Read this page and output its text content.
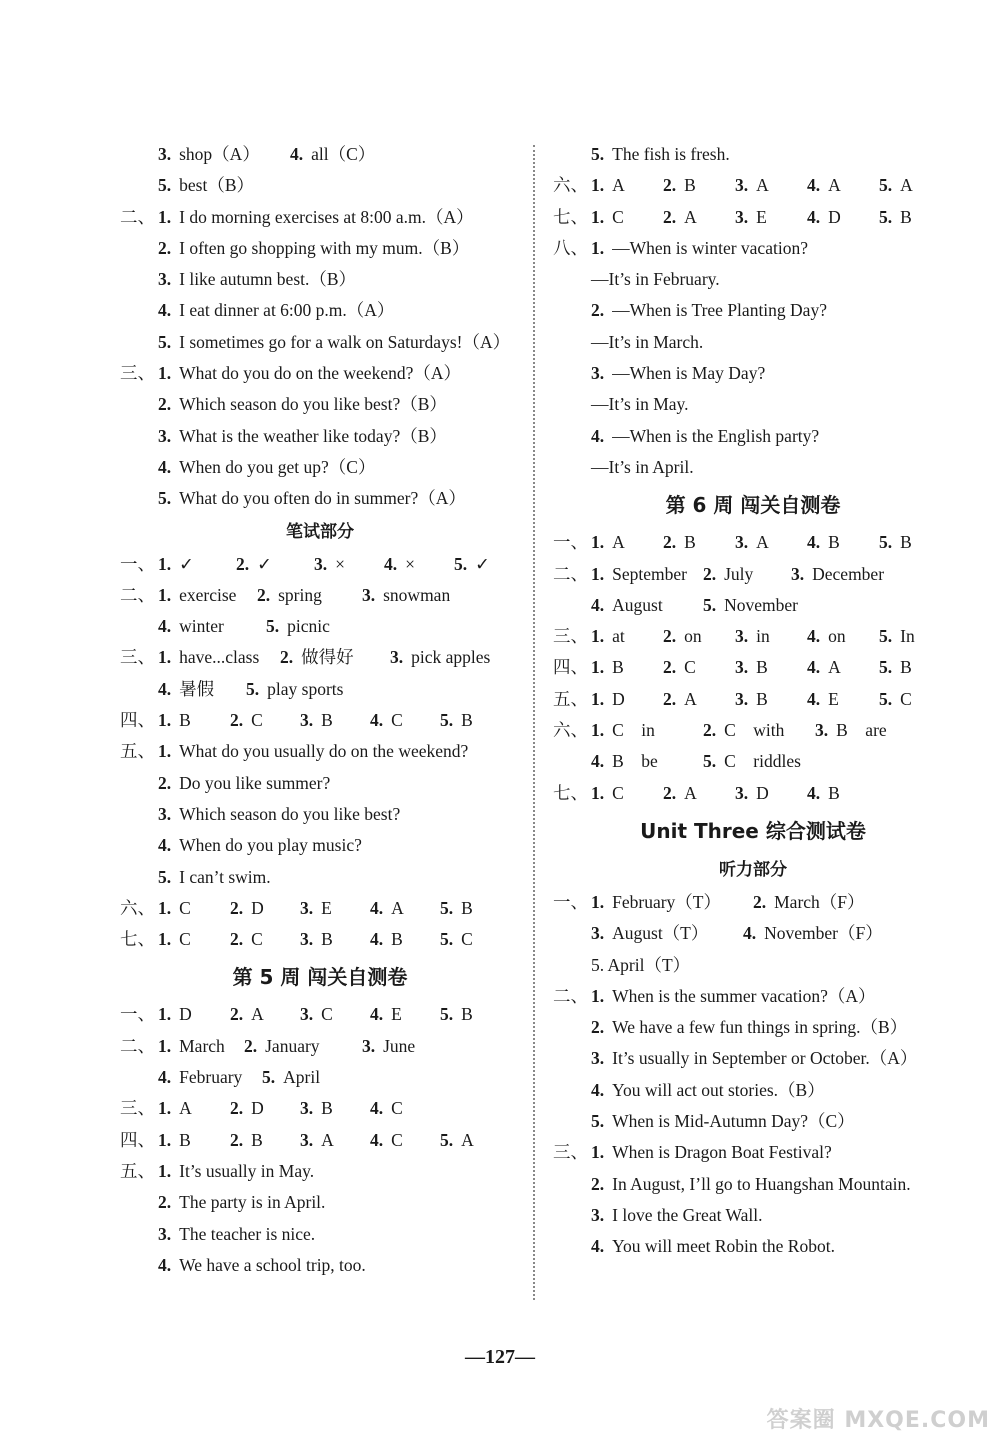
3. shop（A） 4. all（C）
5. best（B）
二、 1. I do morning exercises at 8:00 a.m.（A）
2. I often go shopping with my mum.（B）
3. I like autumn best.（B）
4. I eat dinner at 6:00 p.m.（A）
5. I sometimes go for a walk on Saturdays!（A）
三、 1. What do you do on the weekend?（A）
2. Which season do you like best?（B）
3. What is the weather like today?（B）
4. When do you get up?（C）
5. What do you often do in summer?（A）
笔试部分
一、 1. ✓ 2. ✓ 3. × 4. × 5. ✓
二、 1. exercise 2. spring 3. snowman
4. winter 5. picnic
三、 1. have...class 2. 做得好 3. pick apples
4. 暑假 5. play sports
四、 1. B 2. C 3. B 4. C 5. B
五、 1. What do you usually do on the weekend?
2. Do you like summer?
3. Which season do you like best?
4. When do you play music?
5. I can’t swim.
六、 1. C 2. D 3. E 4. A 5. B
七、 1. C 2. C 3. B 4. B 5. C
第 5 周 闯关自测卷
一、 1. D 2. A 3. C 4. E 5. B
二、 1. March 2. January 3. June
4. February 5. April
三、 1. A 2. D 3. B 4. C
四、 1. B 2. B 3. A 4. C 5. A
五、 1. It’s usually in May.
2. The party is in April.
3. The teacher is nice.
4. We have a school trip, too.
5. The fish is fresh.
六、 1. A 2. B 3. A 4. A 5. A
七、 1. C 2. A 3. E 4. D 5. B
八、 1. —When is winter vacation?
—It’s in February.
2. —When is Tree Planting Day?
—It’s in March.
3. —When is May Day?
—It’s in May.
4. —When is the English party?
—It’s in April.
第 6 周 闯关自测卷
一、 1. A 2. B 3. A 4. B 5. B
二、 1. September 2. July 3. December
4. August 5. November
三、 1. at 2. on 3. in 4. on 5. In
四、 1. B 2. C 3. B 4. A 5. B
五、 1. D 2. A 3. B 4. E 5. C
六、 1. C    in	2. C    with 3. B    are
4. B    be	5. C    riddles
七、 1. C 2. A 3. D 4. B
Unit Three 综合测试卷
听力部分
一、 1. February（T） 2. March（F）
3. August（T） 4. November（F）
5. April（T）
二、 1. When is the summer vacation?（A）
2. We have a few fun things in spring.（B）
3. It’s usually in September or October.（A）
4. You will act out stories.（B）
5. When is Mid-Autumn Day?（C）
三、 1. When is Dragon Boat Festival?
2. In August, I’ll go to Huangshan Mountain.
3. I love the Great Wall.
4. You will meet Robin the Robot.
—127—
答案圈 MXQE.COM
